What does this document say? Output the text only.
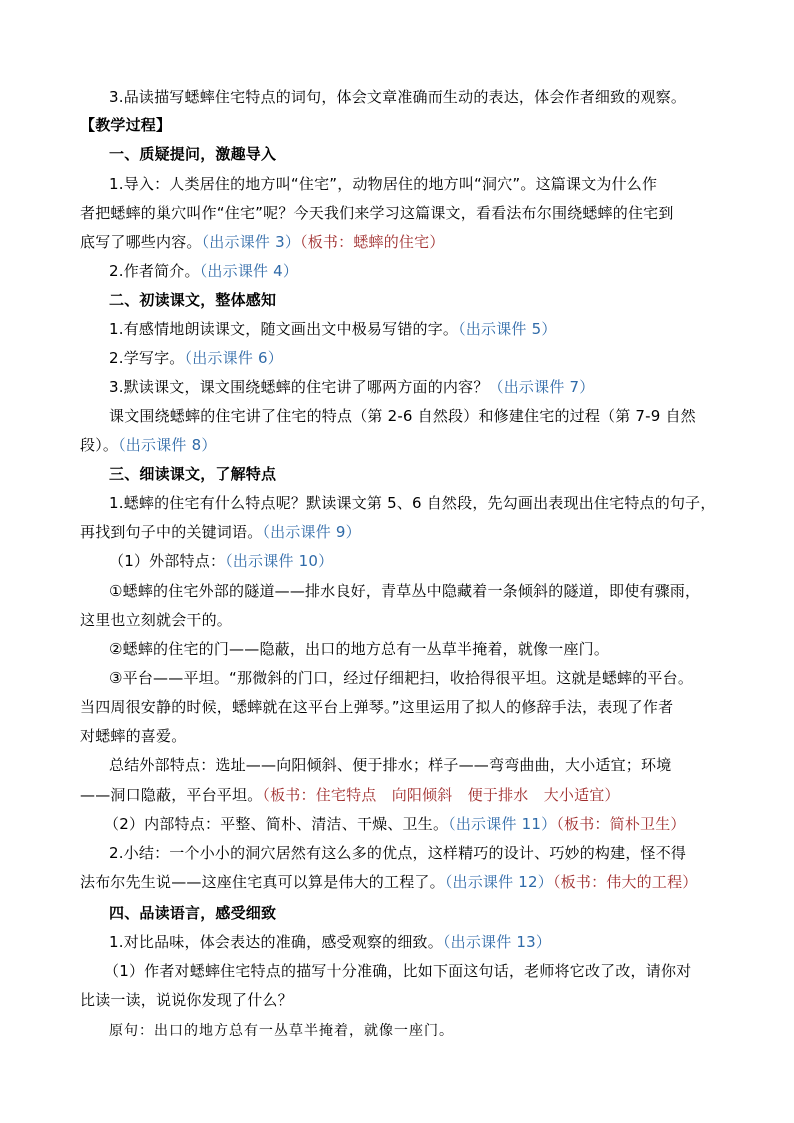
3.品读描写蟋蟀住宅特点的词句，体会文章准确而生动的表达，体会作者细致的观察。
【教学过程】
一、质疑提问，激趣导入
1.导入：人类居住的地方叫“住宅”，动物居住的地方叫“洞穴”。这篇课文为什么作
者把蟋蟀的巢穴叫作“住宅”呢？今天我们来学习这篇课文，看看法布尔围绕蟋蟀的住宅到
底写了哪些内容。（出示课件 3）（板书：蟋蟀的住宅）
2.作者简介。（出示课件 4）
二、初读课文，整体感知
1.有感情地朗读课文，随文画出文中极易写错的字。（出示课件 5）
2.学写字。（出示课件 6）
3.默读课文，课文围绕蟋蟀的住宅讲了哪两方面的内容？（出示课件 7）
课文围绕蟋蟀的住宅讲了住宅的特点（第 2-6 自然段）和修建住宅的过程（第 7-9 自然
段）。（出示课件 8）
三、细读课文，了解特点
1.蟋蟀的住宅有什么特点呢？默读课文第 5、6 自然段，先勾画出表现出住宅特点的句子，
再找到句子中的关键词语。（出示课件 9）
（1）外部特点：（出示课件 10）
①蟋蟀的住宅外部的隧道——排水良好，青草丛中隐藏着一条倾斜的隧道，即使有骤雨，
这里也立刻就会干的。
②蟋蟀的住宅的门——隐蔽，出口的地方总有一丛草半掩着，就像一座门。
③平台——平坦。“那微斜的门口，经过仔细耙扫，收拾得很平坦。这就是蟋蟀的平台。
当四周很安静的时候，蟋蟀就在这平台上弹琴。”这里运用了拟人的修辞手法，表现了作者
对蟋蟀的喜爱。
总结外部特点：选址——向阳倾斜、便于排水；样子——弯弯曲曲，大小适宜；环境
——洞口隐蔽，平台平坦。（板书：住宅特点　向阳倾斜　便于排水　大小适宜）
（2）内部特点：平整、简朴、清洁、干燥、卫生。（出示课件 11）（板书：简朴卫生）
2.小结：一个小小的洞穴居然有这么多的优点，这样精巧的设计、巧妙的构建，怪不得
法布尔先生说——这座住宅真可以算是伟大的工程了。（出示课件 12）（板书：伟大的工程）
四、品读语言，感受细致
1.对比品味，体会表达的准确，感受观察的细致。（出示课件 13）
（1）作者对蟋蟀住宅特点的描写十分准确，比如下面这句话，老师将它改了改，请你对
比读一读，说说你发现了什么？
原句：出口的地方总有一丛草半掩着，就像一座门。
